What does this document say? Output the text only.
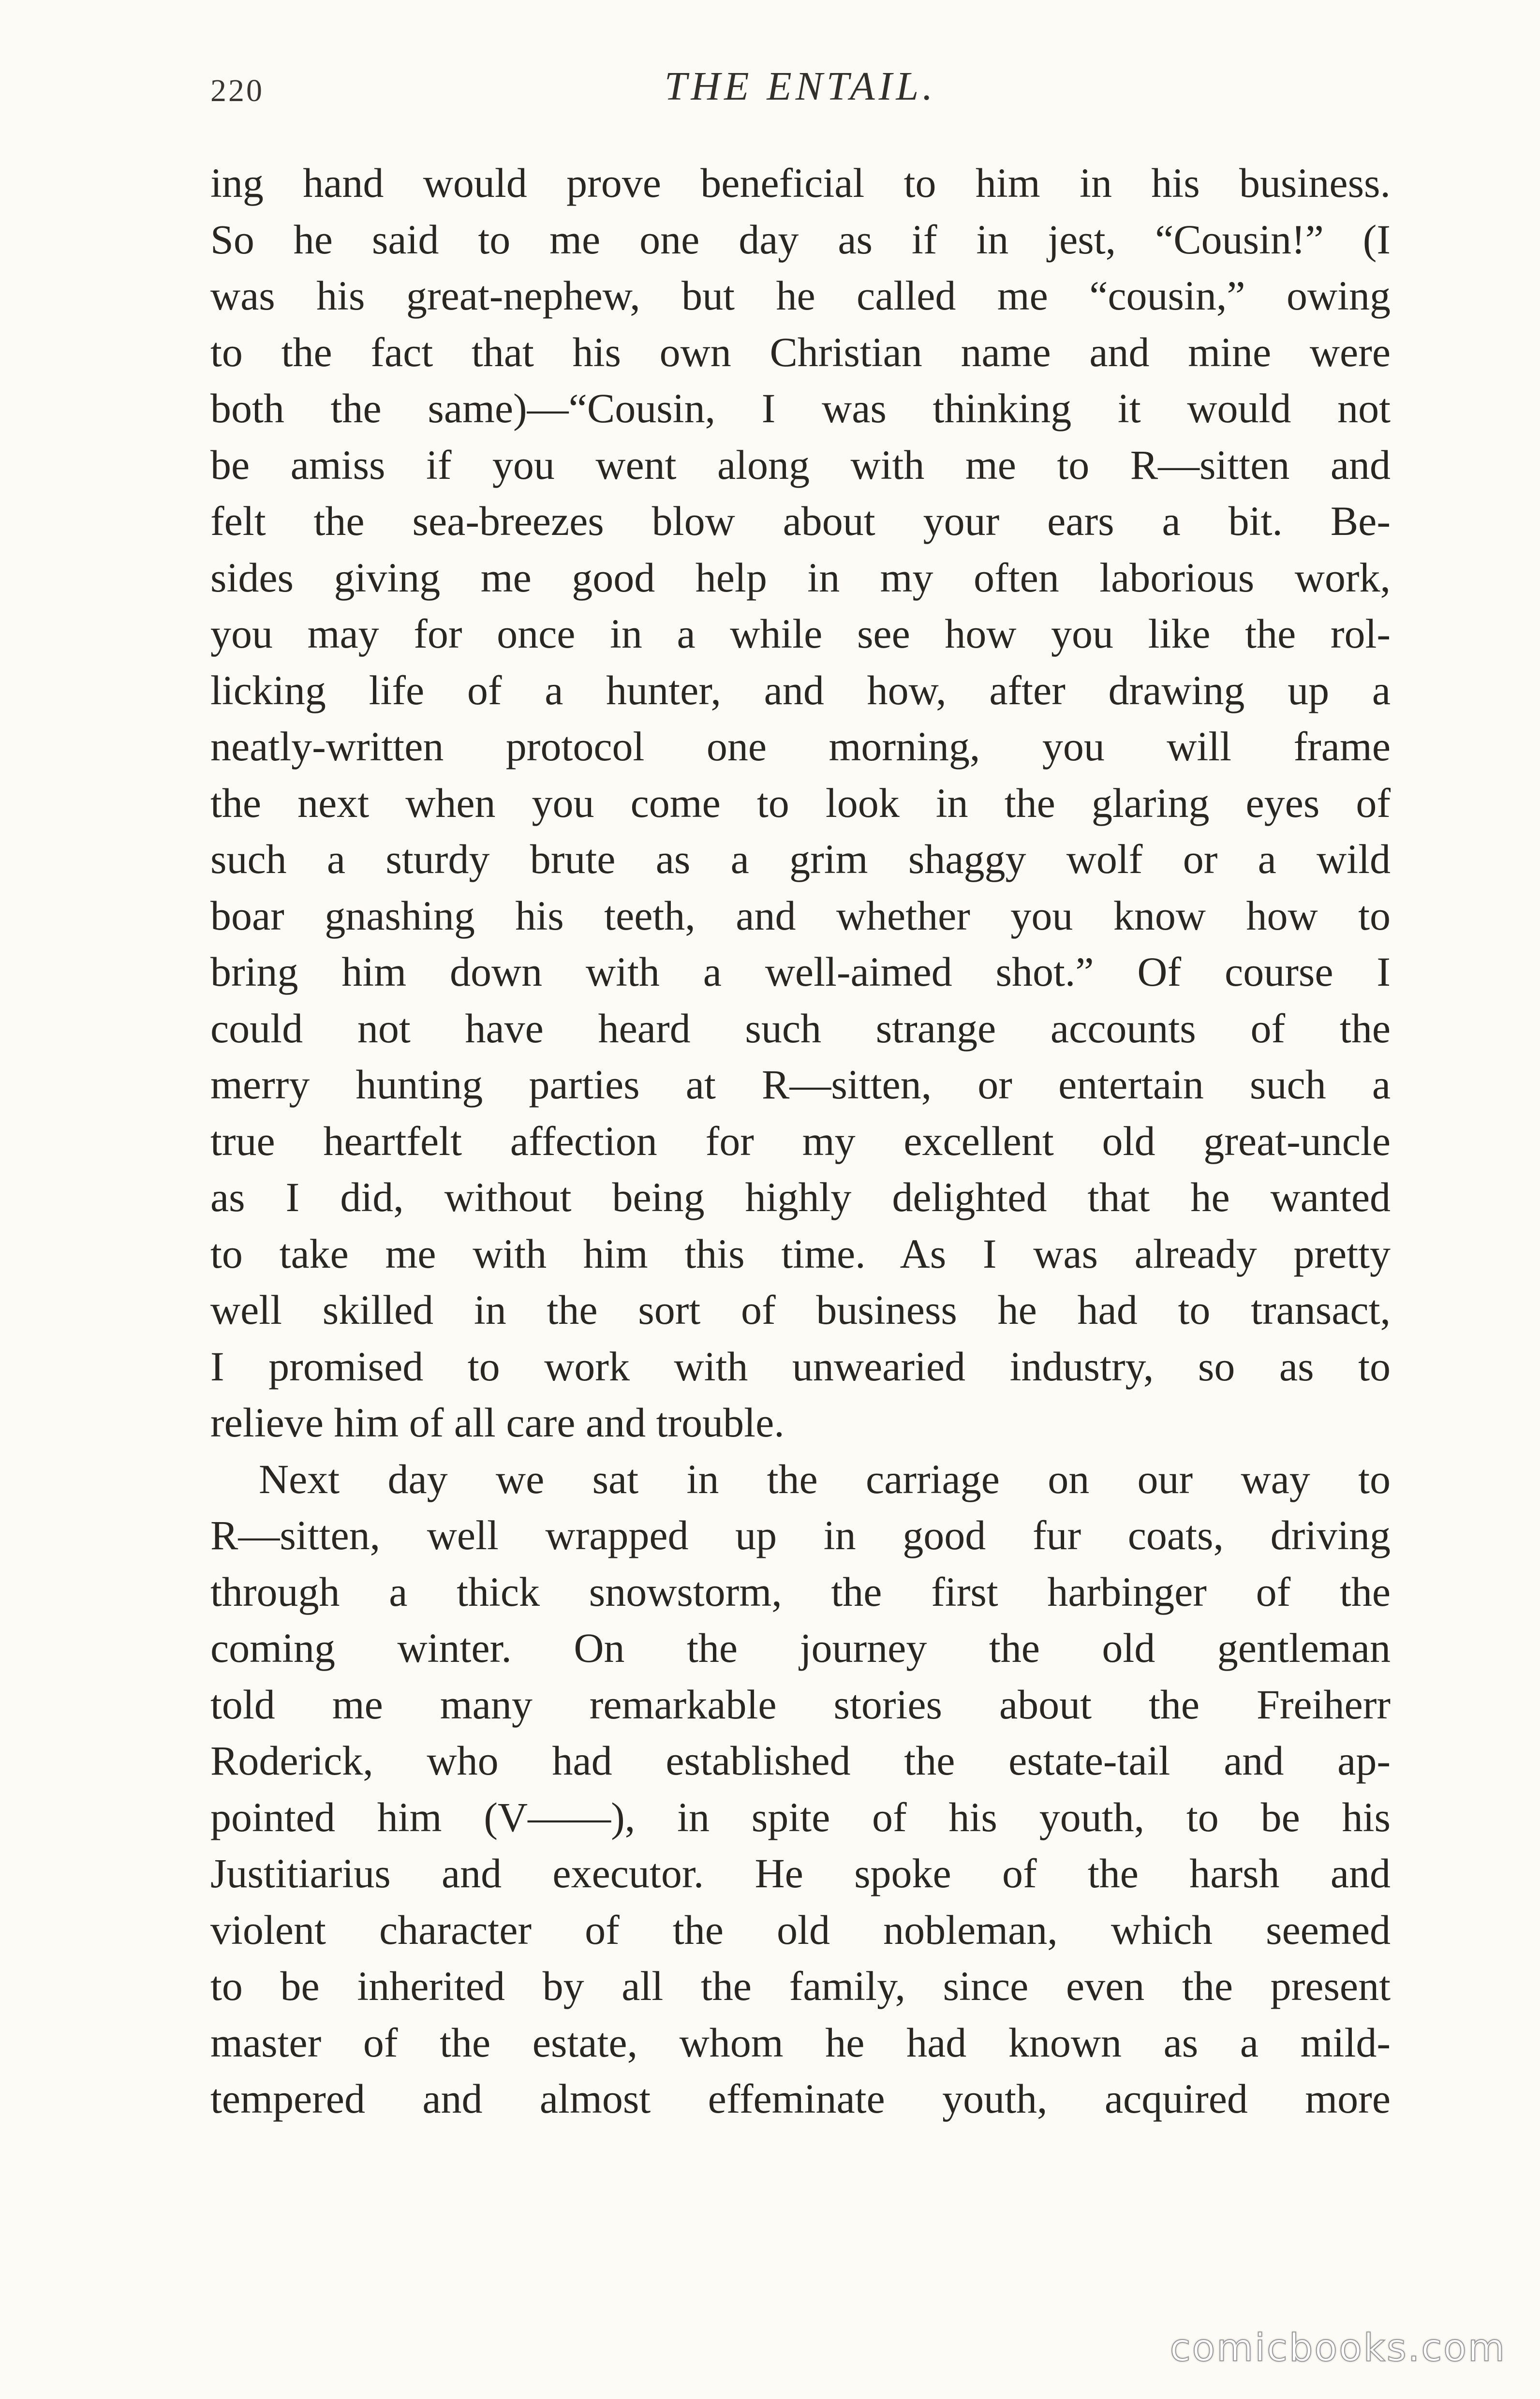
220	THE ENTAIL.
ing hand would prove beneficial to him in his business.
So he said to me one day as if in jest, “Cousin!” (I
was his great-nephew, but he called me “cousin,” owing
to the fact that his own Christian name and mine were
both the same)—“Cousin, I was thinking it would not
be amiss if you went along with me to R—sitten and
felt the sea-breezes blow about your ears a bit. Be-
sides giving me good help in my often laborious work,
you may for once in a while see how you like the rol-
licking life of a hunter, and how, after drawing up a
neatly-written protocol one morning, you will frame
the next when you come to look in the glaring eyes of
such a sturdy brute as a grim shaggy wolf or a wild
boar gnashing his teeth, and whether you know how to
bring him down with a well-aimed shot.” Of course I
could not have heard such strange accounts of the
merry hunting parties at R—sitten, or entertain such a
true heartfelt affection for my excellent old great-uncle
as I did, without being highly delighted that he wanted
to take me with him this time. As I was already pretty
well skilled in the sort of business he had to transact,
I promised to work with unwearied industry, so as to
relieve him of all care and trouble.
Next day we sat in the carriage on our way to
R—sitten, well wrapped up in good fur coats, driving
through a thick snowstorm, the first harbinger of the
coming winter. On the journey the old gentleman
told me many remarkable stories about the Freiherr
Roderick, who had established the estate-tail and ap-
pointed him (V——), in spite of his youth, to be his
Justitiarius and executor. He spoke of the harsh and
violent character of the old nobleman, which seemed
to be inherited by all the family, since even the present
master of the estate, whom he had known as a mild-
tempered and almost effeminate youth, acquired more
comicbooks.com
